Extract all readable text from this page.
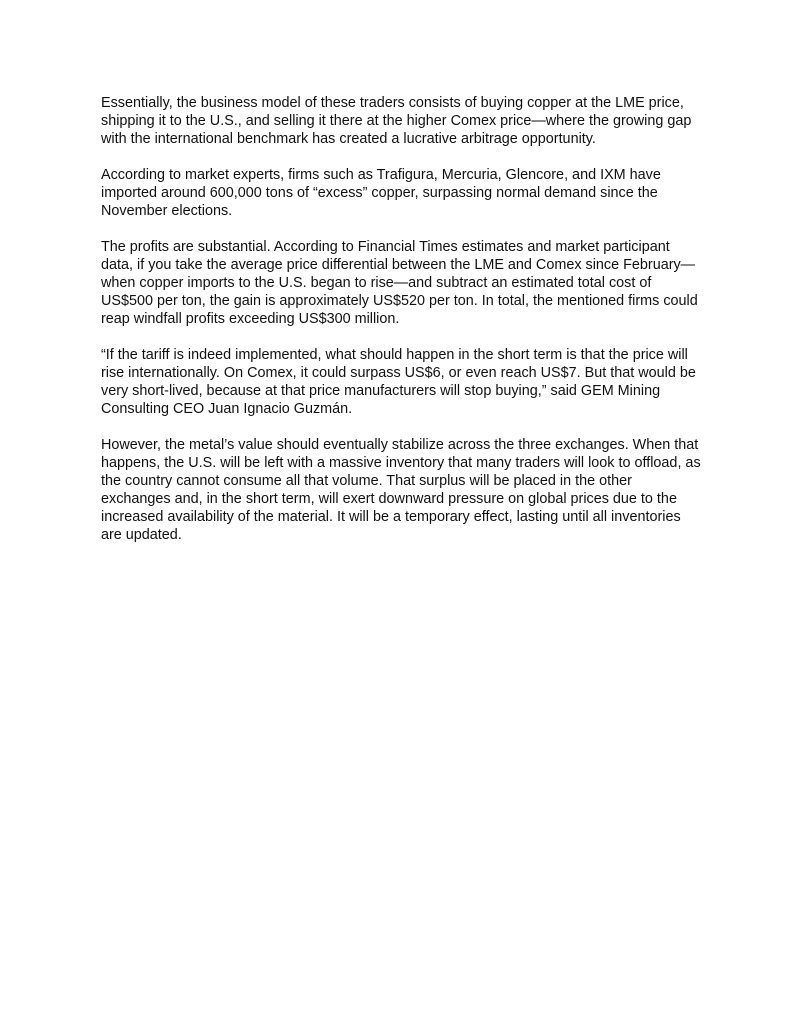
Essentially, the business model of these traders consists of buying copper at the LME price, shipping it to the U.S., and selling it there at the higher Comex price—where the growing gap with the international benchmark has created a lucrative arbitrage opportunity.

According to market experts, firms such as Trafigura, Mercuria, Glencore, and IXM have imported around 600,000 tons of “excess” copper, surpassing normal demand since the November elections.

The profits are substantial. According to Financial Times estimates and market participant data, if you take the average price differential between the LME and Comex since February—when copper imports to the U.S. began to rise—and subtract an estimated total cost of US$500 per ton, the gain is approximately US$520 per ton. In total, the mentioned firms could reap windfall profits exceeding US$300 million.

“If the tariff is indeed implemented, what should happen in the short term is that the price will rise internationally. On Comex, it could surpass US$6, or even reach US$7. But that would be very short-lived, because at that price manufacturers will stop buying,” said GEM Mining Consulting CEO Juan Ignacio Guzmán.

However, the metal’s value should eventually stabilize across the three exchanges. When that happens, the U.S. will be left with a massive inventory that many traders will look to offload, as the country cannot consume all that volume. That surplus will be placed in the other exchanges and, in the short term, will exert downward pressure on global prices due to the increased availability of the material. It will be a temporary effect, lasting until all inventories are updated.
